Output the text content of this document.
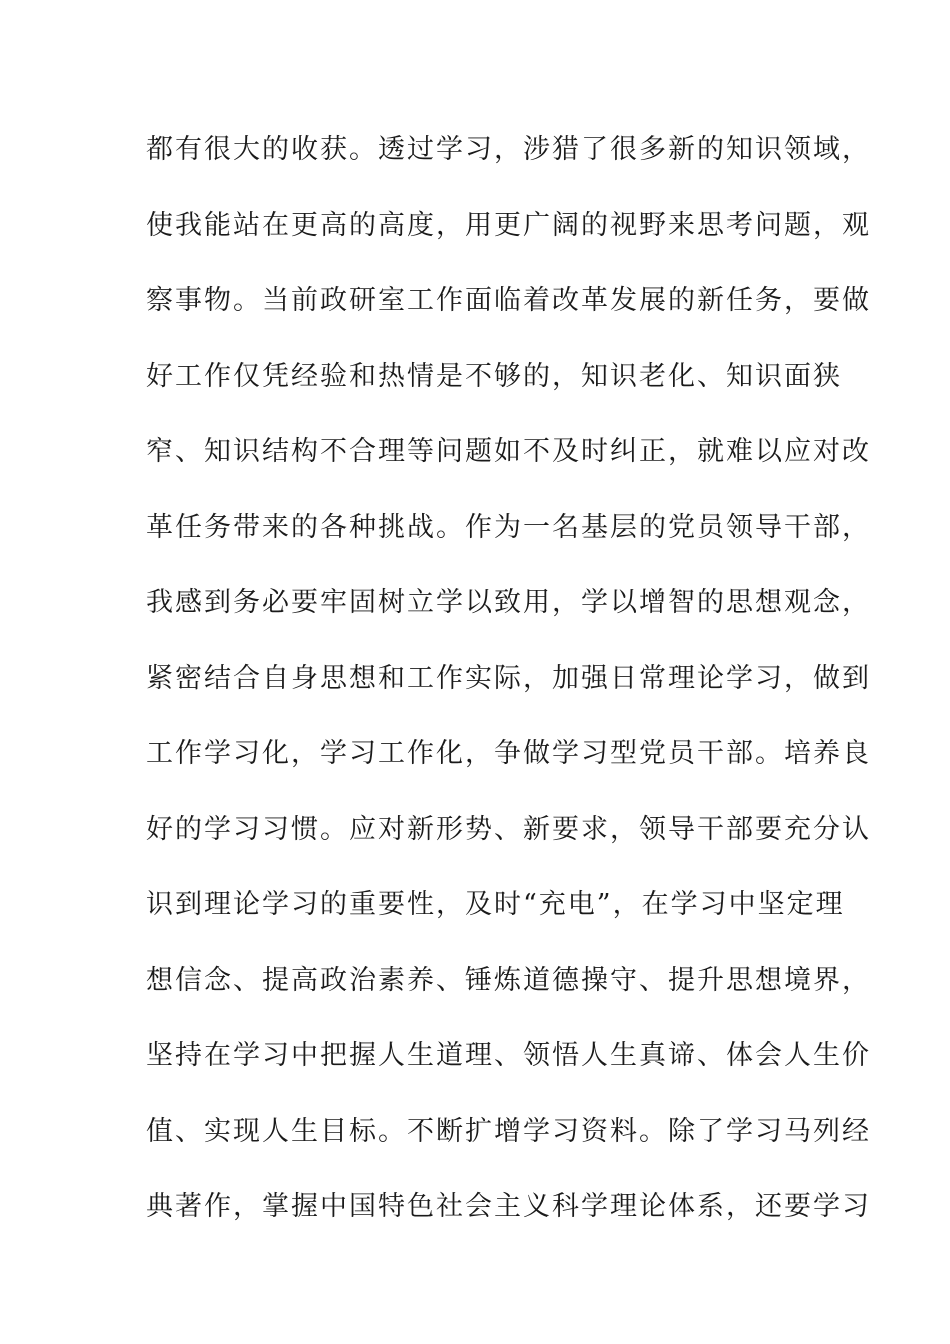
都有很大的收获。透过学习，涉猎了很多新的知识领域，
使我能站在更高的高度，用更广阔的视野来思考问题，观
察事物。当前政研室工作面临着改革发展的新任务，要做
好工作仅凭经验和热情是不够的，知识老化、知识面狭
窄、知识结构不合理等问题如不及时纠正，就难以应对改
革任务带来的各种挑战。作为一名基层的党员领导干部，
我感到务必要牢固树立学以致用，学以增智的思想观念，
紧密结合自身思想和工作实际，加强日常理论学习，做到
工作学习化，学习工作化，争做学习型党员干部。培养良
好的学习习惯。应对新形势、新要求，领导干部要充分认
识到理论学习的重要性，及时“充电”，在学习中坚定理
想信念、提高政治素养、锤炼道德操守、提升思想境界，
坚持在学习中把握人生道理、领悟人生真谛、体会人生价
值、实现人生目标。不断扩增学习资料。除了学习马列经
典著作，掌握中国特色社会主义科学理论体系，还要学习
